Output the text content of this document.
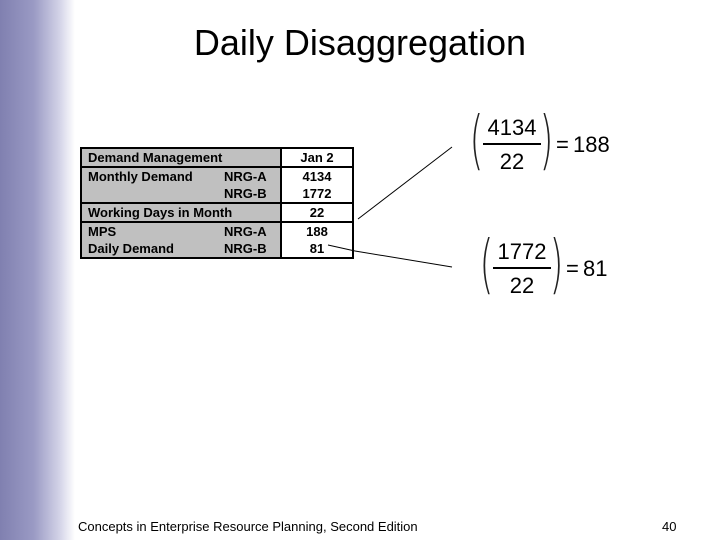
Daily Disaggregation
Demand Management		Jan 2
Monthly Demand	NRG-A	4134
	NRG-B	1772
Working Days in Month		22
MPS	NRG-A	188
Daily Demand	NRG-B	81
( 4134
22 ) = 188
( 1772
22 ) = 81
Concepts in Enterprise Resource Planning, Second Edition	40
